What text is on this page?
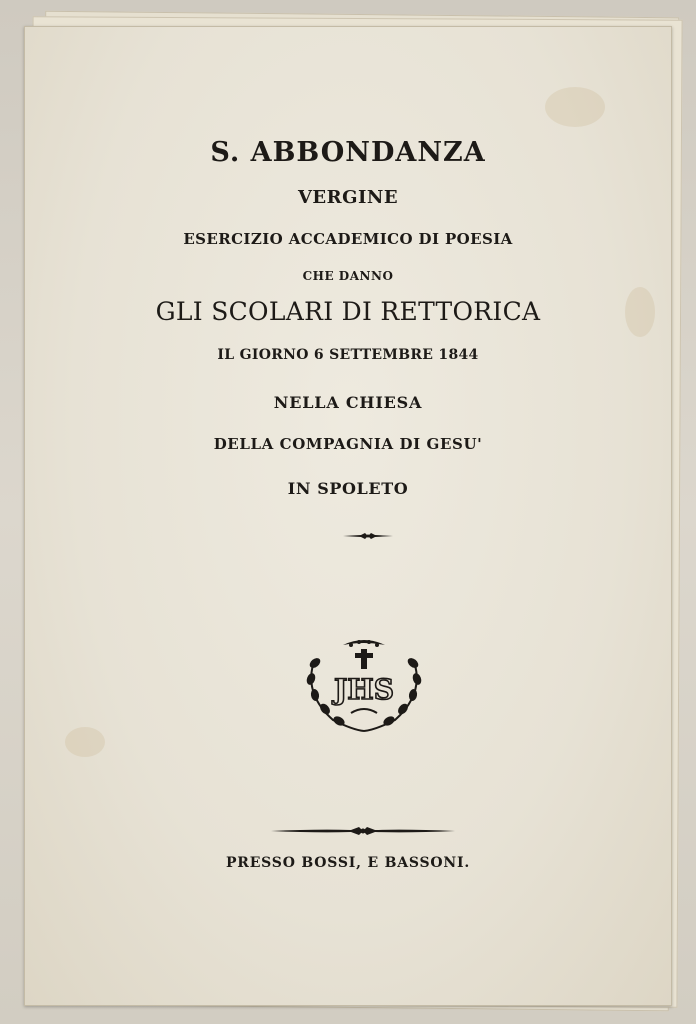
S. ABBONDANZA
VERGINE
ESERCIZIO ACCADEMICO DI POESIA
CHE DANNO
GLI SCOLARI DI RETTORICA
IL GIORNO 6 SETTEMBRE 1844
NELLA CHIESA
DELLA COMPAGNIA DI GESU'
IN SPOLETO
JHS
PRESSO BOSSI, E BASSONI.
